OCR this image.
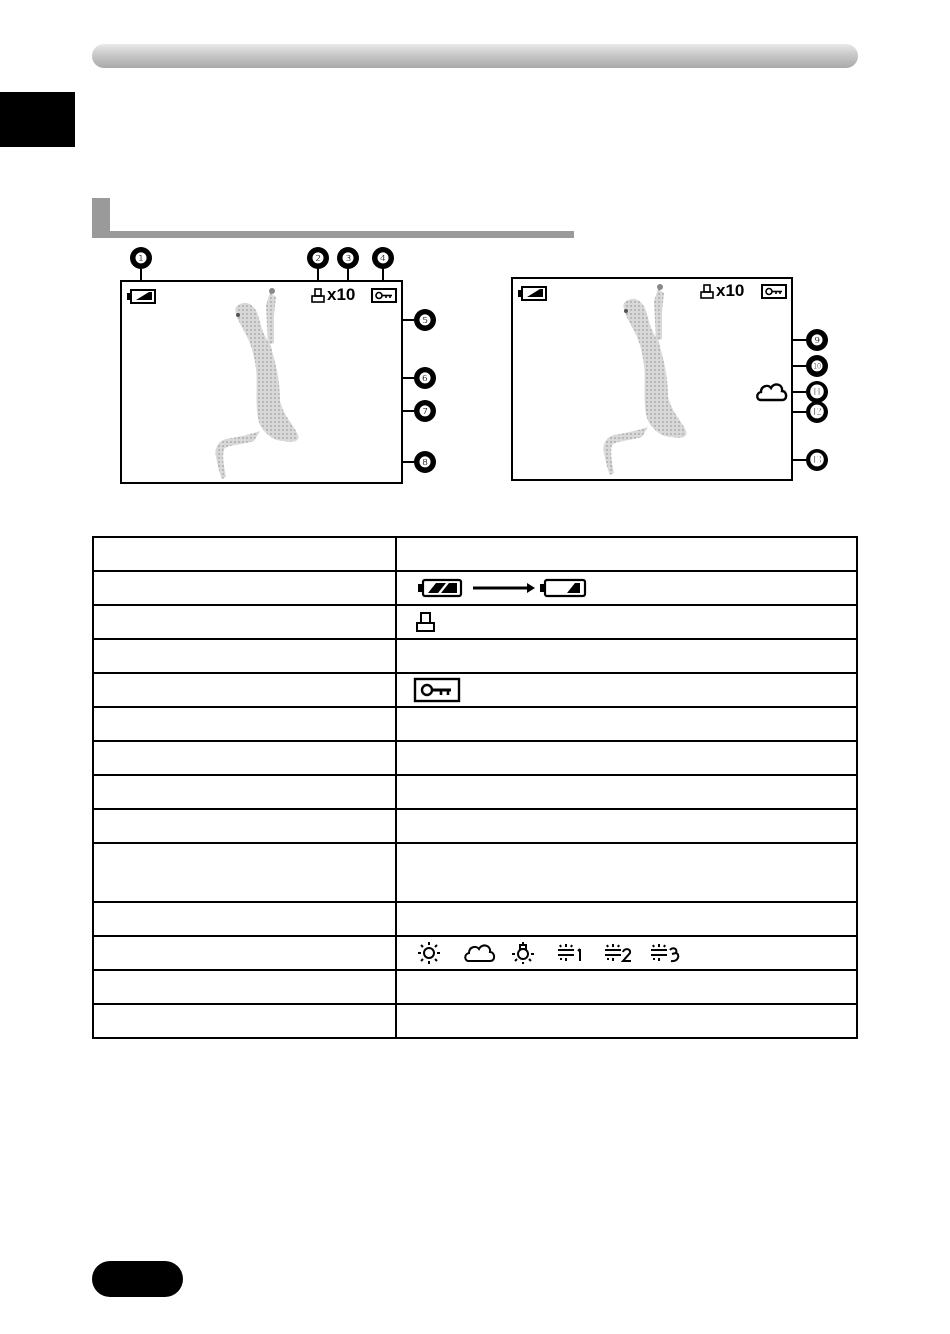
x10
❶	❷	❸	❹
❺
❻
❼
❽
x10
❾
❿
⓫
⓬
⓭
